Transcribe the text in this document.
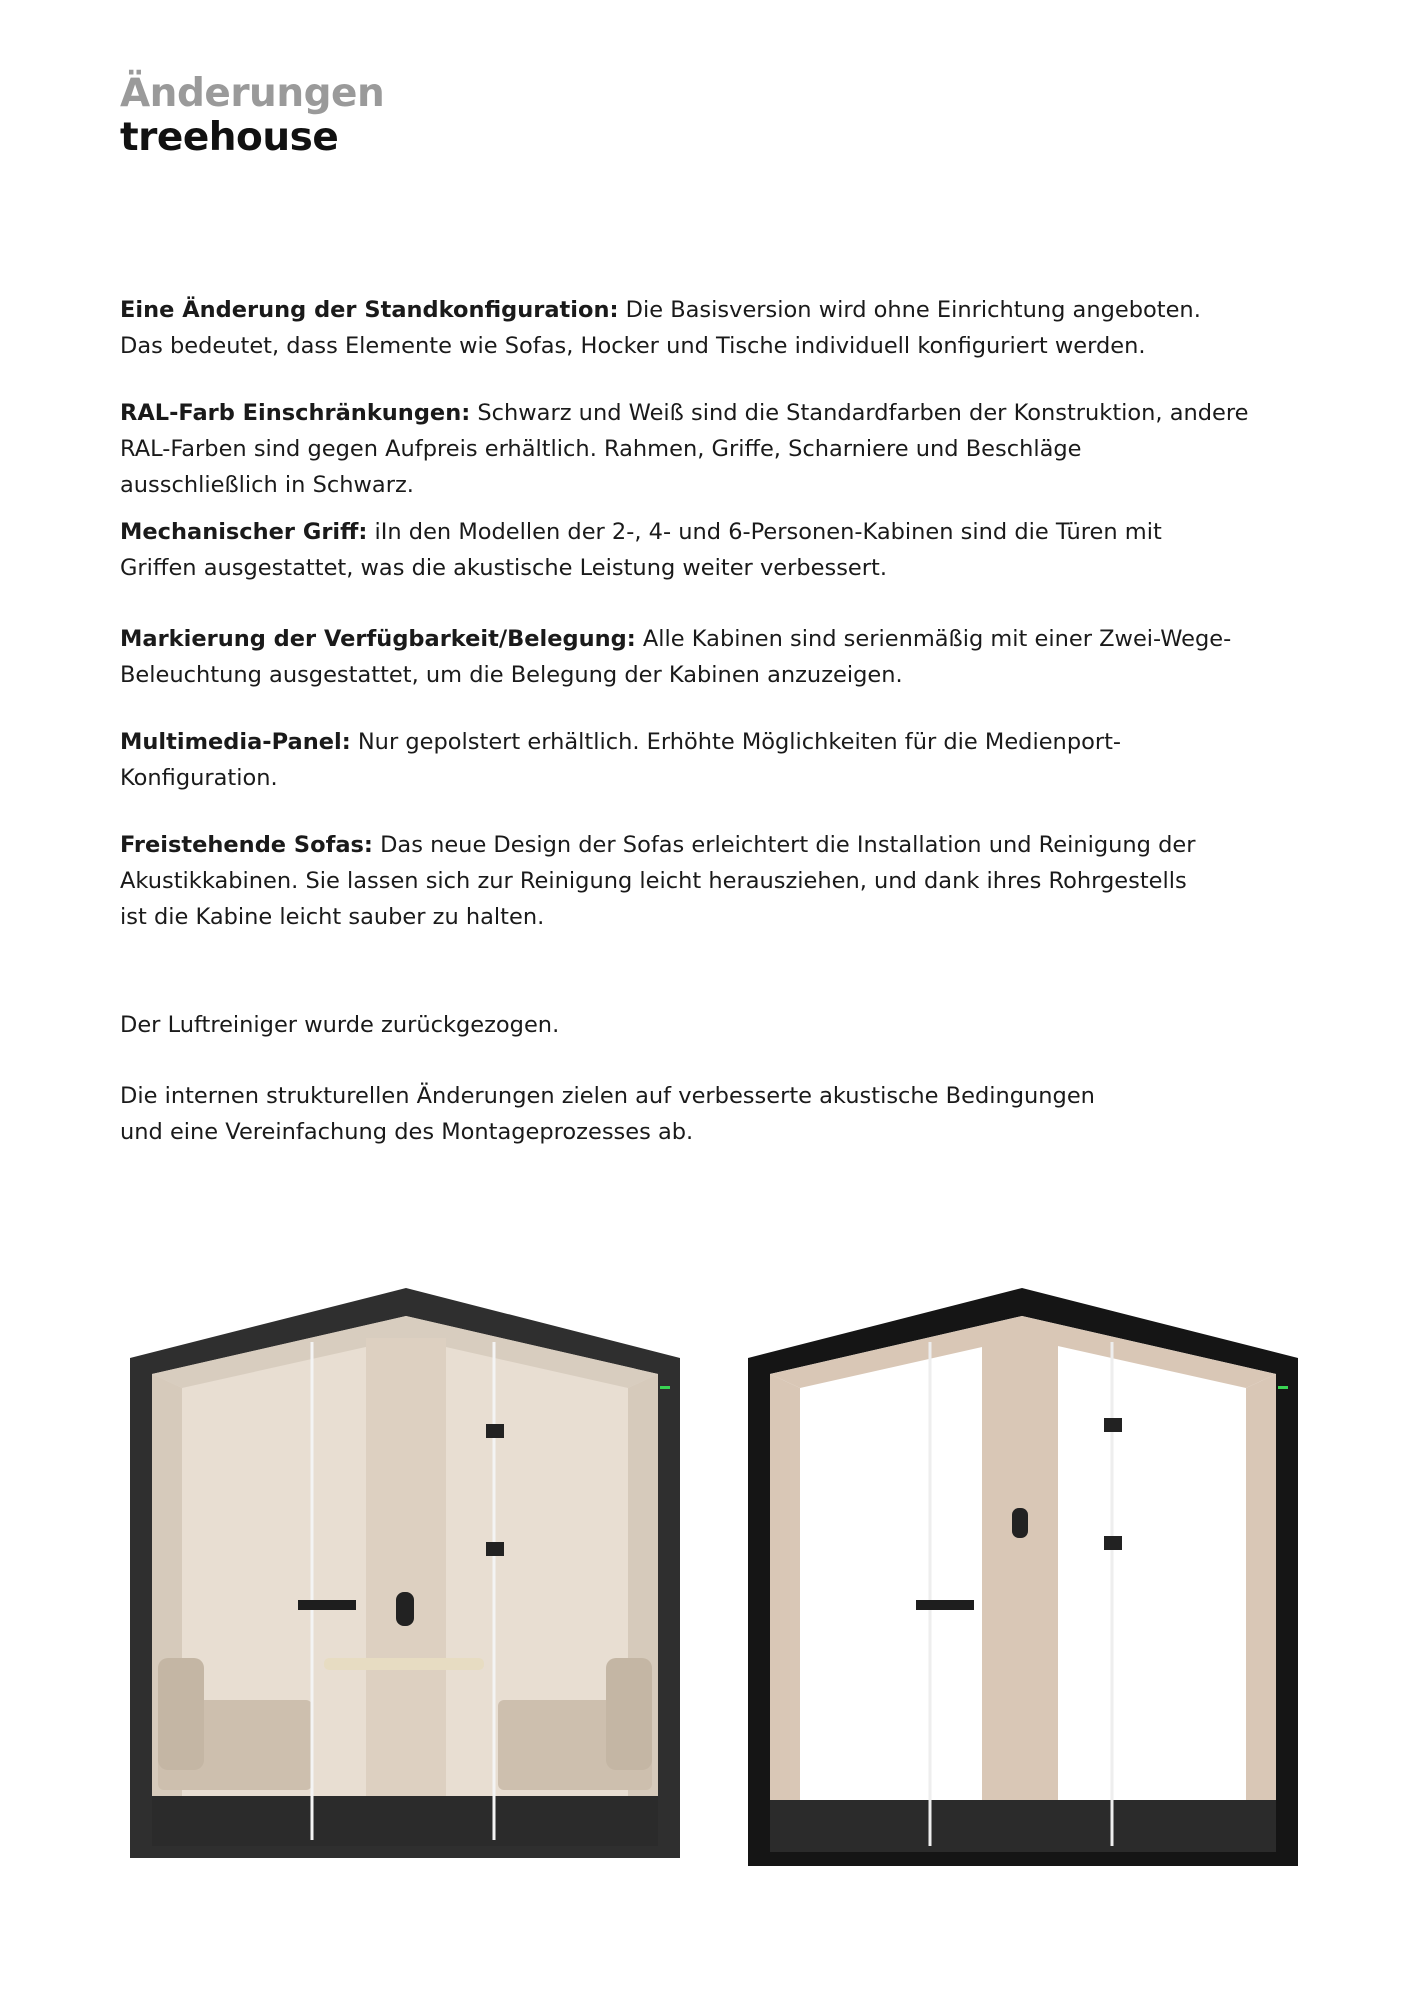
Änderungen
treehouse

Eine Änderung der Standkonfiguration: Die Basisversion wird ohne Einrichtung angeboten.

Das bedeutet, dass Elemente wie Sofas, Hocker und Tische individuell konfiguriert werden.

RAL-Farb Einschränkungen: Schwarz und Weiß sind die Standardfarben der Konstruktion, andere

RAL-Farben sind gegen Aufpreis erhältlich. Rahmen, Griffe, Scharniere und Beschläge

ausschließlich in Schwarz.

Mechanischer Griff: iIn den Modellen der 2-, 4- und 6-Personen-Kabinen sind die Türen mit

Griffen ausgestattet, was die akustische Leistung weiter verbessert.

Markierung der Verfügbarkeit/Belegung: Alle Kabinen sind serienmäßig mit einer Zwei-Wege-

Beleuchtung ausgestattet, um die Belegung der Kabinen anzuzeigen.

Multimedia-Panel: Nur gepolstert erhältlich. Erhöhte Möglichkeiten für die Medienport-

Konfiguration.

Freistehende Sofas: Das neue Design der Sofas erleichtert die Installation und Reinigung der

Akustikkabinen. Sie lassen sich zur Reinigung leicht herausziehen, und dank ihres Rohrgestells

ist die Kabine leicht sauber zu halten.

Der Luftreiniger wurde zurückgezogen.

Die internen strukturellen Änderungen zielen auf verbesserte akustische Bedingungen

und eine Vereinfachung des Montageprozesses ab.
